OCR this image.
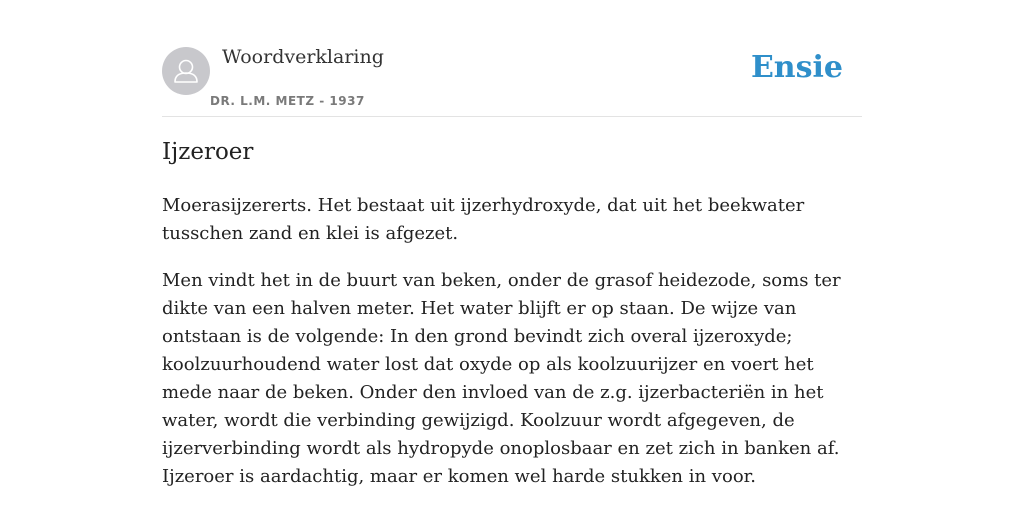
Woordverklaring
DR. L.M. METZ - 1937
Ensie
Ijzeroer

Moerasijzererts. Het bestaat uit ijzerhydroxyde, dat uit het beekwater tusschen zand en klei is afgezet.

Men vindt het in de buurt van beken, onder de grasof heidezode, soms ter dikte van een halven meter. Het water blijft er op staan. De wijze van ontstaan is de volgende: In den grond bevindt zich overal ijzeroxyde; koolzuurhoudend water lost dat oxyde op als koolzuurijzer en voert het mede naar de beken. Onder den invloed van de z.g. ijzerbacteriën in het water, wordt die verbinding gewijzigd. Koolzuur wordt afgegeven, de ijzerverbinding wordt als hydropyde onoplosbaar en zet zich in banken af. Ijzeroer is aardachtig, maar er komen wel harde stukken in voor.
